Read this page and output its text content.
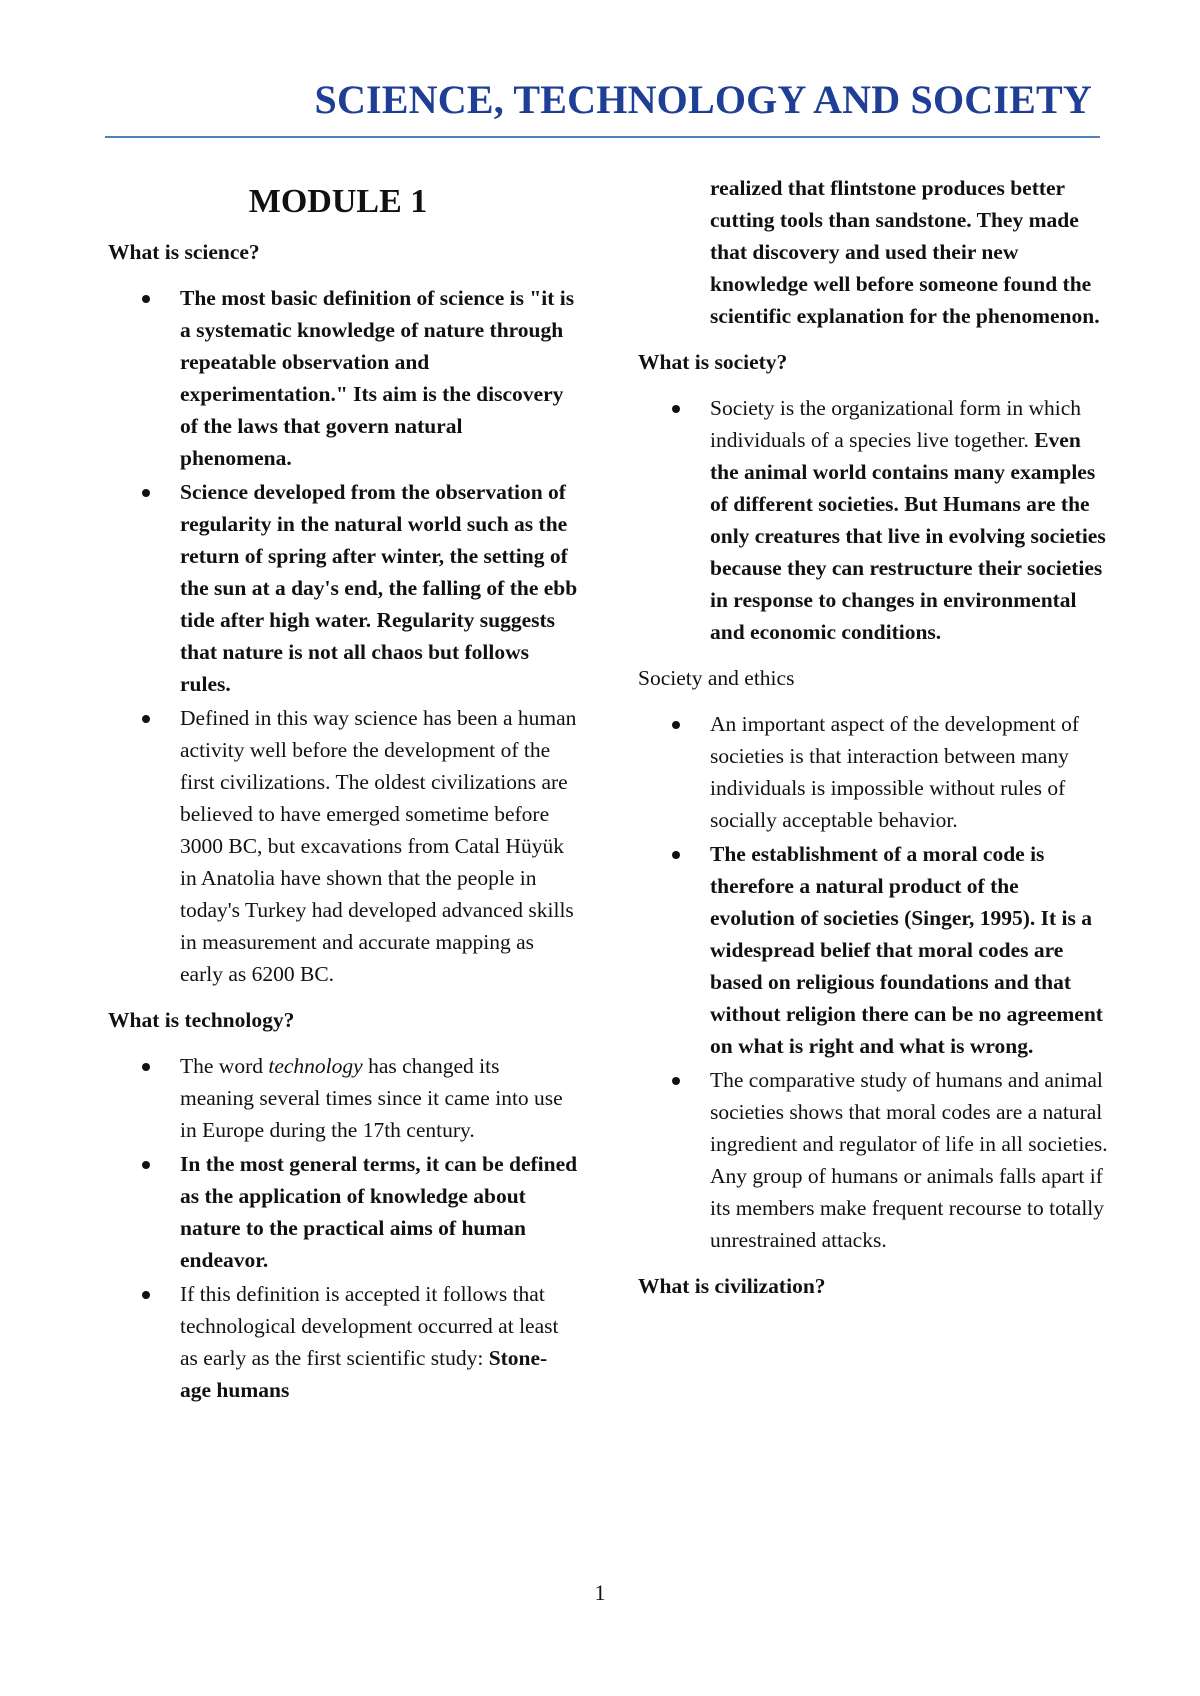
SCIENCE, TECHNOLOGY AND SOCIETY
MODULE 1

What is science?

The most basic definition of science is "it is a systematic knowledge of nature through repeatable observation and experimentation." Its aim is the discovery of the laws that govern natural phenomena.
Science developed from the observation of regularity in the natural world such as the return of spring after winter, the setting of the sun at a day's end, the falling of the ebb tide after high water. Regularity suggests that nature is not all chaos but follows rules.
Defined in this way science has been a human activity well before the development of the first civilizations. The oldest civilizations are believed to have emerged sometime before 3000 BC, but excavations from Catal Hüyük in Anatolia have shown that the people in today's Turkey had developed advanced skills in measurement and accurate mapping as early as 6200 BC.

What is technology?

The word technology has changed its meaning several times since it came into use in Europe during the 17th century.
In the most general terms, it can be defined as the application of knowledge about nature to the practical aims of human endeavor.
If this definition is accepted it follows that technological development occurred at least as early as the first scientific study: Stone-age humans

realized that flintstone produces better cutting tools than sandstone. They made that discovery and used their new knowledge well before someone found the scientific explanation for the phenomenon.

What is society?

Society is the organizational form in which individuals of a species live together. Even the animal world contains many examples of different societies. But Humans are the only creatures that live in evolving societies because they can restructure their societies in response to changes in environmental and economic conditions.

Society and ethics

An important aspect of the development of societies is that interaction between many individuals is impossible without rules of socially acceptable behavior.
The establishment of a moral code is therefore a natural product of the evolution of societies (Singer, 1995). It is a widespread belief that moral codes are based on religious foundations and that without religion there can be no agreement on what is right and what is wrong.
The comparative study of humans and animal societies shows that moral codes are a natural ingredient and regulator of life in all societies. Any group of humans or animals falls apart if its members make frequent recourse to totally unrestrained attacks.

What is civilization?

1
